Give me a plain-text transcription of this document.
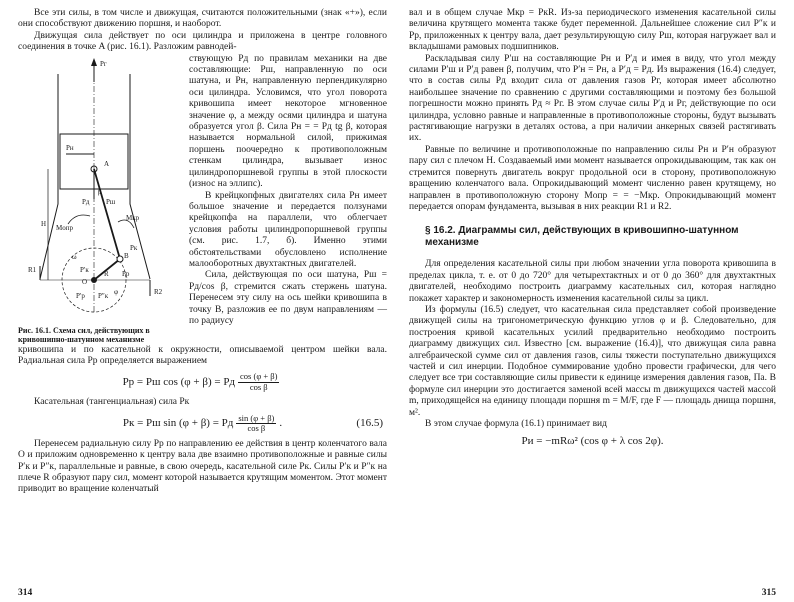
Все эти силы, в том числе и движущая, считаются положительными (знак «+»), если они способствуют движению поршня, и наоборот.

Движущая сила действует по оси цилиндра и приложена в центре головного соединения в точке A (рис. 16.1). Разложим равнодей-

Pг
A
Pн
Pд Pш
β
H Mопр
Mкр
ω	B
Pк
Pр
O
R
P′к
P″к
P′р	φ
R1
R2

Рис. 16.1. Схема сил, действующих в кривошипно-шатунном механизме

ствующую Pд по правилам механики на две составляющие: Pш, направленную по оси шатуна, и Pн, направленную перпендикулярно оси цилиндра. Условимся, что угол поворота кривошипа имеет некоторое мгновенное значение φ, а между осями цилиндра и шатуна образуется угол β. Сила Pн = = Pд tg β, которая называется нормальной силой, прижимая поршень поочередно к противоположным стенкам цилиндра, вызывает износ цилиндропоршневой группы в этой плоскости (износ на эллипс).

В крейцкопфных двигателях сила Pн имеет большое значение и передается ползунами крейцкопфа на параллели, что облегчает условия работы цилиндропоршневой группы (см. рис. 1.7, б). Именно этими обстоятельствами обусловлено исполнение малооборотных двухтактных двигателей.

Сила, действующая по оси шатуна, Pш = Pд/cos β, стремится сжать стержень шатуна. Перенесем эту силу на ось шейки кривошипа в точку B, разложив ее по двум направлениям — по радиусу

кривошипа и по касательной к окружности, описываемой центром шейки вала. Радиальная сила Pр определяется выражением

Pр = Pш cos (φ + β) = Pд $\frac{\cos (\varphi + \beta)}{\text{cos β}}$

Касательная (тангенциальная) сила Pк

Pк = Pш sin (φ + β) = Pд $\frac{\sin (\varphi + \beta)}{\text{cos β}}$ .	(16.5)

Перенесем радиальную силу Pр по направлению ее действия в центр коленчатого вала O и приложим одновременно к центру вала две взаимно противоположные и равные силы P′к и P″к, параллельные и равные, в свою очередь, касательной силе Pк. Силы P′к и P″к на плече R образуют пару сил, момент которой называется крутящим моментом. Этот момент приводит во вращение коленчатый

314

вал и в общем случае Mкр = PкR. Из-за периодического изменения касательной силы величина крутящего момента также будет переменной. Дальнейшее сложение сил P″к и Pр, приложенных к центру вала, дает результирующую силу Pш, которая нагружает вал и вкладышами рамовых подшипников.

Раскладывая силу P′ш на составляющие Pн и P′д и имея в виду, что угол между силами P′ш и P′д равен β, получим, что P′н = Pн, а P′д = Pд. Из выражения (16.4) следует, что в состав силы Pд входит сила от давления газов Pг, которая имеет абсолютно наибольшее значение по сравнению с другими составляющими и поэтому без большой погрешности можно принять Pд ≈ Pг. В этом случае силы P′д и Pг, действующие по оси цилиндра, условно равные и направленные в противоположные стороны, будут вызывать растягивающие нагрузки в деталях остова, а при наличии анкерных связей растягивать их.

Равные по величине и противоположные по направлению силы Pн и P′н образуют пару сил с плечом H. Создаваемый ими момент называется опрокидывающим, так как он стремится повернуть двигатель вокруг продольной оси в сторону, противоположную вращению коленчатого вала. Опрокидывающий момент численно равен крутящему, но направлен в противоположную сторону Mопр = = −Mкр. Опрокидывающий момент передается опорам фундамента, вызывая в них реакции R1 и R2.

§ 16.2. Диаграммы сил, действующих в кривошипно-шатунном механизме

Для определения касательной силы при любом значении угла поворота кривошипа в пределах цикла, т. е. от 0 до 720° для четырехтактных и от 0 до 360° для двухтактных двигателей, необходимо построить диаграмму касательных сил, которая наглядно покажет характер и закономерность изменения касательной силы за цикл.

Из формулы (16.5) следует, что касательная сила представляет собой произведение движущей силы на тригонометрическую функцию углов φ и β. Следовательно, для построения кривой касательных усилий предварительно необходимо построить диаграмму движущих сил. Известно [см. выражение (16.4)], что движущая сила равна алгебраической сумме сил от давления газов, силы тяжести поступательно движущихся частей и сил инерции. Подобное суммирование удобно провести графически, для чего следует все три составляющие силы привести к единице измерения давления газов, Па. В формуле сил инерции это достигается заменой всей массы m движущихся частей массой m, приходящейся на единицу площади поршня m = M/F, где F — площадь днища поршня, м².

В этом случае формула (16.1) принимает вид

Pи = −mRω² (cos φ + λ cos 2φ).
315
